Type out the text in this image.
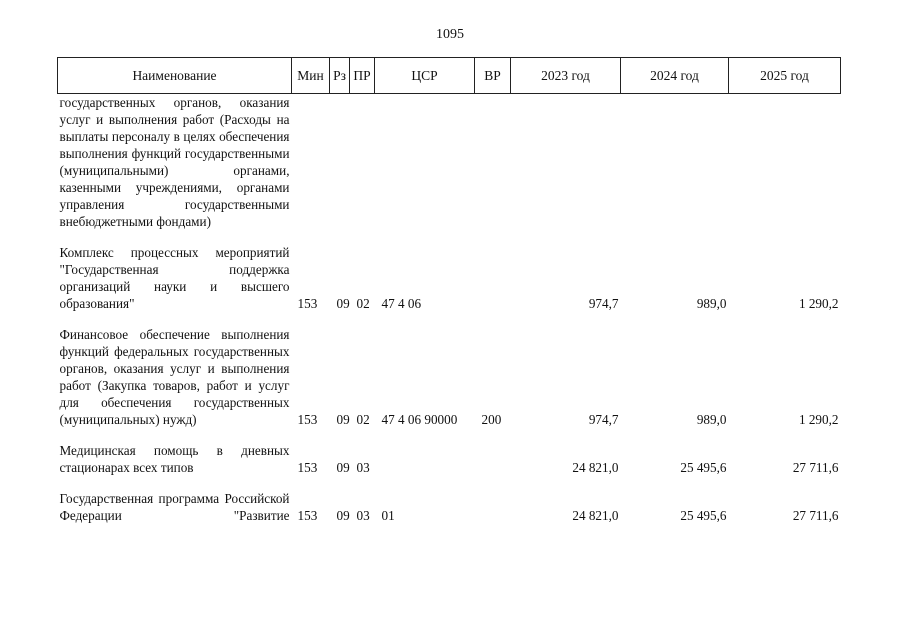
1095
Наименование	Мин	Рз	ПР	ЦСР	ВР	2023 год	2024 год	2025 год
государственных органов, оказания услуг и выполнения работ (Расходы на выплаты персоналу в целях обеспечения выполнения функций государственными (муниципальными) органами, казенными учреждениями, органами управления государственными внебюджетными фондами)								
Комплекс процессных мероприятий "Государственная поддержка организаций науки и высшего образования"	153	09	02	47 4 06		974,7	989,0	1 290,2
Финансовое обеспечение выполнения функций федеральных государственных органов, оказания услуг и выполнения работ (Закупка товаров, работ и услуг для обеспечения государственных (муниципальных) нужд)	153	09	02	47 4 06 90000	200	974,7	989,0	1 290,2
Медицинская помощь в дневных стационарах всех типов	153	09	03			24 821,0	25 495,6	27 711,6
Государственная программа Российской Федерации "Развитие	153	09	03	01		24 821,0	25 495,6	27 711,6
